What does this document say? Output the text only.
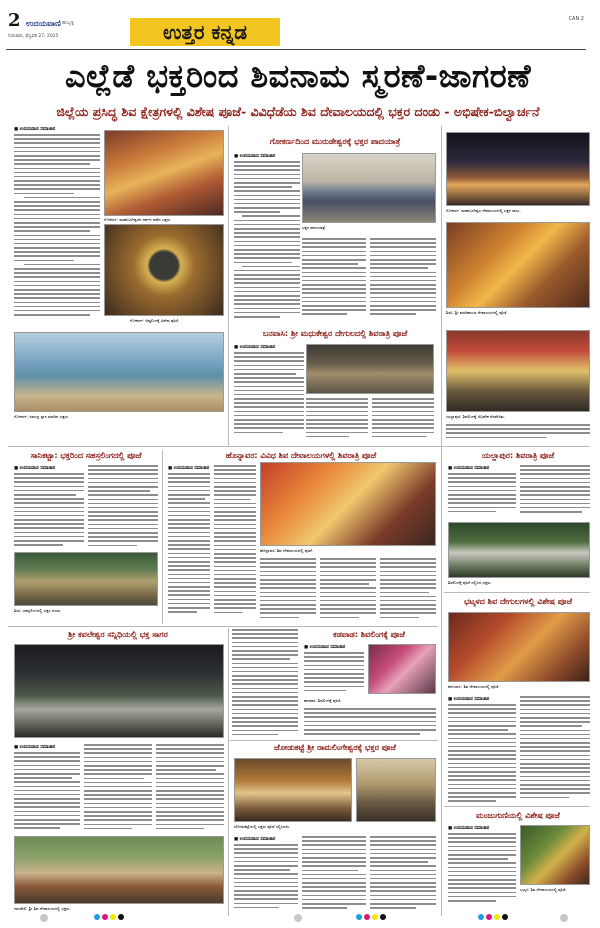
2 ಉದಯವಾಣಿ ಹುಬ್ಬಳ್ಳಿ
ಗುರುವಾರ, ಫೆಬ್ರವರಿ 27, 2025	ಉತ್ತರ ಕನ್ನಡ
CAN 2
ಎಲ್ಲೆಡೆ ಭಕ್ತರಿಂದ ಶಿವನಾಮ ಸ್ಮರಣೆ-ಜಾಗರಣೆ
ಜಿಲ್ಲೆಯ ಪ್ರಸಿದ್ಧ ಶಿವ ಕ್ಷೇತ್ರಗಳಲ್ಲಿ ವಿಶೇಷ ಪೂಜೆ- ವಿವಿಧೆಡೆಯ ಶಿವ ದೇವಾಲಯದಲ್ಲಿ ಭಕ್ತರ ದಂಡು - ಅಭಿಷೇಕ-ಬಿಲ್ವಾರ್ಚನೆ
■ ಉದಯವಾಣಿ ಸಮಾಚಾರ
ಗೋಕರ್ಣ: ಮಹಾಬಲೇಶ್ವರನ ದರ್ಶನ ಪಡೆದ ಭಕ್ತರು.
ಗೋಕರ್ಣ: ಆತ್ಮಲಿಂಗಕ್ಕೆ ವಿಶೇಷ ಪೂಜೆ.
ಗೋಕರ್ಣ: ಸಮುದ್ರ ಸ್ನಾನ ಮಾಡಿದ ಭಕ್ತರು.
ಗೋಕರ್ಣದಿಂದ ಮುರುಡೇಶ್ವರಕ್ಕೆ ಭಕ್ತರ ಪಾದಯಾತ್ರೆ
■ ಉದಯವಾಣಿ ಸಮಾಚಾರ
ಭಕ್ತರ ಪಾದಯಾತ್ರೆ
ಬನವಾಸಿ: ಶ್ರೀ ಮಧುಕೇಶ್ವರ ದೇಗುಲದಲ್ಲಿ ಶಿವರಾತ್ರಿ ಪೂಜೆ
■ ಉದಯವಾಣಿ ಸಮಾಚಾರ
ಗೋಕರ್ಣ: ಮಹಾಬಲೇಶ್ವರ ದೇವಾಲಯದಲ್ಲಿ ಭಕ್ತರ ಸಾಲು.
ಶಿರಸಿ: ಶ್ರೀ ಮಾರಿಕಾಂಬಾ ದೇವಾಲಯದಲ್ಲಿ ಪೂಜೆ.
ಯಲ್ಲಾಪುರ: ಶಿವಲಿಂಗಕ್ಕೆ ಅಭಿಷೇಕ ನೆರವೇರಿತು.
ಸಾನಿಕಟ್ಟಾ: ಭಕ್ತರಿಂದ ಸಹಸ್ರಲಿಂಗದಲ್ಲಿ ಪೂಜೆ
■ ಉದಯವಾಣಿ ಸಮಾಚಾರ
ಶಿರಸಿ: ಸಹಸ್ರಲಿಂಗದಲ್ಲಿ ಭಕ್ತರ ದಂಡು.
ಹೊನ್ನಾವರ: ವಿವಿಧ ಶಿವ ದೇವಾಲಯಗಳಲ್ಲಿ ಶಿವರಾತ್ರಿ ಪೂಜೆ
■ ಉದಯವಾಣಿ ಸಮಾಚಾರ
ಹೊನ್ನಾವರ: ಶಿವ ದೇವಾಲಯದಲ್ಲಿ ಪೂಜೆ.
ಯಲ್ಲಾಪುರ: ಶಿವರಾತ್ರಿ ಪೂಜೆ
■ ಉದಯವಾಣಿ ಸಮಾಚಾರ
ಶಿವಲಿಂಗಕ್ಕೆ ಪೂಜೆ ಸಲ್ಲಿಸಿದ ಭಕ್ತರು.
ಭಟ್ಕಳದ ಶಿವ ದೇಗುಲಗಳಲ್ಲಿ ವಿಶೇಷ ಪೂಜೆ
ಹಳಿಯಾಳ: ಶಿವ ದೇವಾಲಯದಲ್ಲಿ ಪೂಜೆ.
■ ಉದಯವಾಣಿ ಸಮಾಚಾರ
ಶ್ರೀ ಕವಲೇಶ್ವರ ಸನ್ನಿಧಿಯಲ್ಲಿ ಭಕ್ತ ಸಾಗರ
■ ಉದಯವಾಣಿ ಸಮಾಚಾರ
ದಾಂಡೇಲಿ: ಶ್ರೀ ಶಿವ ದೇವಾಲಯದಲ್ಲಿ ಭಕ್ತರು.
ಕಡವಾಡ: ಶಿವಲಿಂಗಕ್ಕೆ ಪೂಜೆ
■ ಉದಯವಾಣಿ ಸಮಾಚಾರ
ಕಾರವಾರ: ಶಿವಲಿಂಗಕ್ಕೆ ಪೂಜೆ.
ಜೋಡುಕಟ್ಟೆ ಶ್ರೀ ರಾಮಲಿಂಗೇಶ್ವರಕ್ಕೆ ಭಕ್ತರ ಪೂಜೆ
ಜೋಡುಕಟ್ಟೆಯಲ್ಲಿ ಭಕ್ತರು ಪೂಜೆ ಸಲ್ಲಿಸಿದರು.
■ ಉದಯವಾಣಿ ಸಮಾಚಾರ
ಮಂಜುಗುಣಿಯಲ್ಲಿ ವಿಶೇಷ ಪೂಜೆ
■ ಉದಯವಾಣಿ ಸಮಾಚಾರ
ಭಟ್ಕಳ: ಶಿವ ದೇವಾಲಯದಲ್ಲಿ ಪೂಜೆ.
